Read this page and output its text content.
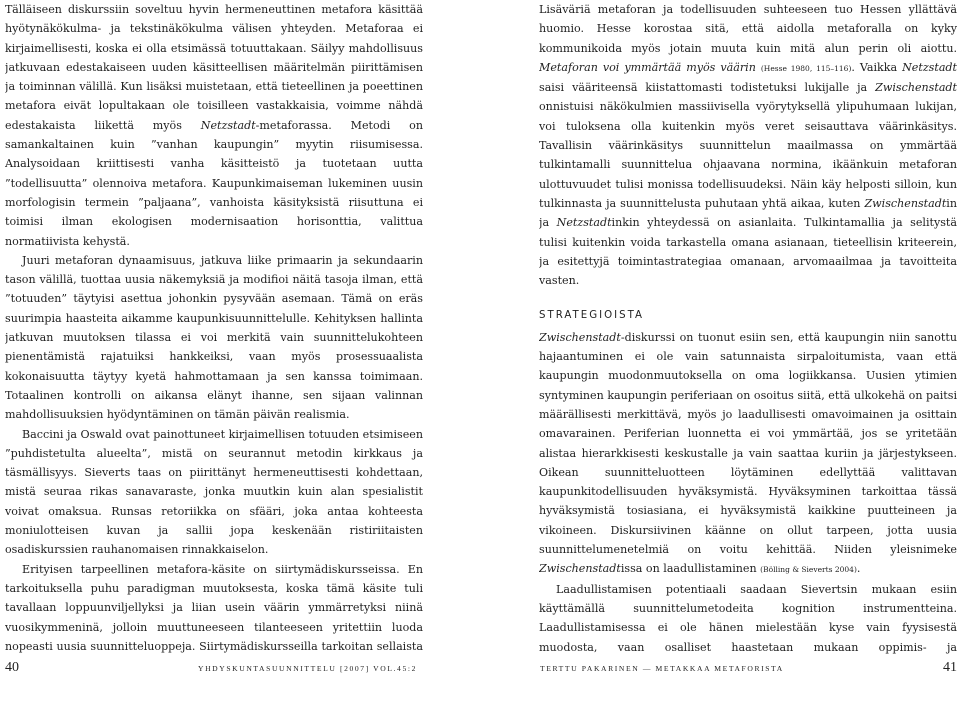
Tälläiseen diskurssiin soveltuu hyvin hermeneuttinen metafora käsittää hyötynäkökulma- ja tekstinäkökulma välisen yhteyden. Metaforaa ei kirjaimellisesti, koska ei olla etsimässä totuuttakaan. Säilyy mahdollisuus jatkuvaan edestakaiseen uuden käsitteellisen määritelmän piirittämisen ja toiminnan välillä. Kun lisäksi muistetaan, että tieteellinen ja poeettinen metafora eivät lopultakaan ole toisilleen vastakkaisia, voimme nähdä edestakaista liikettä myös Netzstadt-metaforassa. Metodi on samankaltainen kuin ”vanhan kaupungin” myytin riisumisessa. Analysoidaan kriittisesti vanha käsitteistö ja tuotetaan uutta ”todellisuutta” olennoiva metafora. Kaupunkimaiseman lukeminen uusin morfologisin termein ”paljaana”, vanhoista käsityksistä riisuttuna ei toimisi ilman ekologisen modernisaation horisonttia, valittua normatiivista kehystä.

Juuri metaforan dynaamisuus, jatkuva liike primaarin ja sekundaarin tason välillä, tuottaa uusia näkemyksiä ja modifioi näitä tasoja ilman, että ”totuuden” täytyisi asettua johonkin pysyvään asemaan. Tämä on eräs suurimpia haasteita aikamme kaupunkisuunnittelulle. Kehityksen hallinta jatkuvan muutoksen tilassa ei voi merkitä vain suunnittelukohteen pienentämistä rajatuiksi hankkeiksi, vaan myös prosessuaalista kokonaisuutta täytyy kyetä hahmottamaan ja sen kanssa toimimaan. Totaalinen kontrolli on aikansa elänyt ihanne, sen sijaan valinnan mahdollisuuksien hyödyntäminen on tämän päivän realismia.

Baccini ja Oswald ovat painottuneet kirjaimellisen totuuden etsimiseen ”puhdistetulta alueelta”, mistä on seurannut metodin kirkkaus ja täsmällisyys. Sieverts taas on piirittänyt hermeneuttisesti kohdettaan, mistä seuraa rikas sanavaraste, jonka muutkin kuin alan spesialistit voivat omaksua. Runsas retoriikka on sfääri, joka antaa kohteesta moniulotteisen kuvan ja sallii jopa keskenään ristiriitaisten osadiskurssien rauhanomaisen rinnakkaiselon.

Erityisen tarpeellinen metafora-käsite on siirtymädiskursseissa. En tarkoituksella puhu paradigman muutoksesta, koska tämä käsite tuli tavallaan loppuunviljellyksi ja liian usein väärin ymmärretyksi niinä vuosikymmeninä, jolloin muuttuneeseen tilanteeseen yritettiin luoda nopeasti uusia suunnitteluoppeja. Siirtymädiskursseilla tarkoitan sellaista

Lisäväriä metaforan ja todellisuuden suhteeseen tuo Hessen yllättävä huomio. Hesse korostaa sitä, että aidolla metaforalla on kyky kommunikoida myös jotain muuta kuin mitä alun perin oli aiottu. Metaforan voi ymmärtää myös väärin (Hesse 1980, 115–116). Vaikka Netzstadt saisi vääriteensä kiistattomasti todistetuksi lukijalle ja Zwischenstadt onnistuisi näkökulmien massiivisella vyörytyksellä ylipuhumaan lukijan, voi tuloksena olla kuitenkin myös veret seisauttava väärinkäsitys. Tavallisin väärinkäsitys suunnittelun maailmassa on ymmärtää tulkintamalli suunnittelua ohjaavana normina, ikäänkuin metaforan ulottuvuudet tulisi monissa todellisuudeksi. Näin käy helposti silloin, kun tulkinnasta ja suunnittelusta puhutaan yhtä aikaa, kuten Zwischenstadtin ja Netzstadtinkin yhteydessä on asianlaita. Tulkintamallia ja selitystä tulisi kuitenkin voida tarkastella omana asianaan, tieteellisin kriteerein, ja esitettyjä toimintastrategiaa omanaan, arvomaailmaa ja tavoitteita vasten.

STRATEGIOISTA

Zwischenstadt-diskurssi on tuonut esiin sen, että kaupungin niin sanottu hajaantuminen ei ole vain satunnaista sirpaloitumista, vaan että kaupungin muodonmuutoksella on oma logiikkansa. Uusien ytimien syntyminen kaupungin periferiaan on osoitus siitä, että ulkokehä on paitsi määrällisesti merkittävä, myös jo laadullisesti omavoimainen ja osittain omavarainen. Periferian luonnetta ei voi ymmärtää, jos se yritetään alistaa hierarkkisesti keskustalle ja vain saattaa kuriin ja järjestykseen. Oikean suunnitteluotteen löytäminen edellyttää valittavan kaupunkitodellisuuden hyväksymistä. Hyväksyminen tarkoittaa tässä hyväksymistä tosiasiana, ei hyväksymistä kaikkine puutteineen ja vikoineen. Diskursiivinen käänne on ollut tarpeen, jotta uusia suunnittelumenetelmiä on voitu kehittää. Niiden yleisnimeke Zwischenstadtissa on laadullistaminen (Bölling & Sieverts 2004).

Laadullistamisen potentiaali saadaan Sievertsin mukaan esiin käyttämällä suunnittelumetodeita kognition instrumentteina. Laadullistamisessa ei ole hänen mielestään kyse vain fyysisestä muodosta, vaan osalliset haastetaan mukaan oppimis- ja

40	YHDYSKUNTASUUNNITTELU [2007] VOL.45:2	TERTTU PAKARINEN — METAKKAA METAFORISTA	41
